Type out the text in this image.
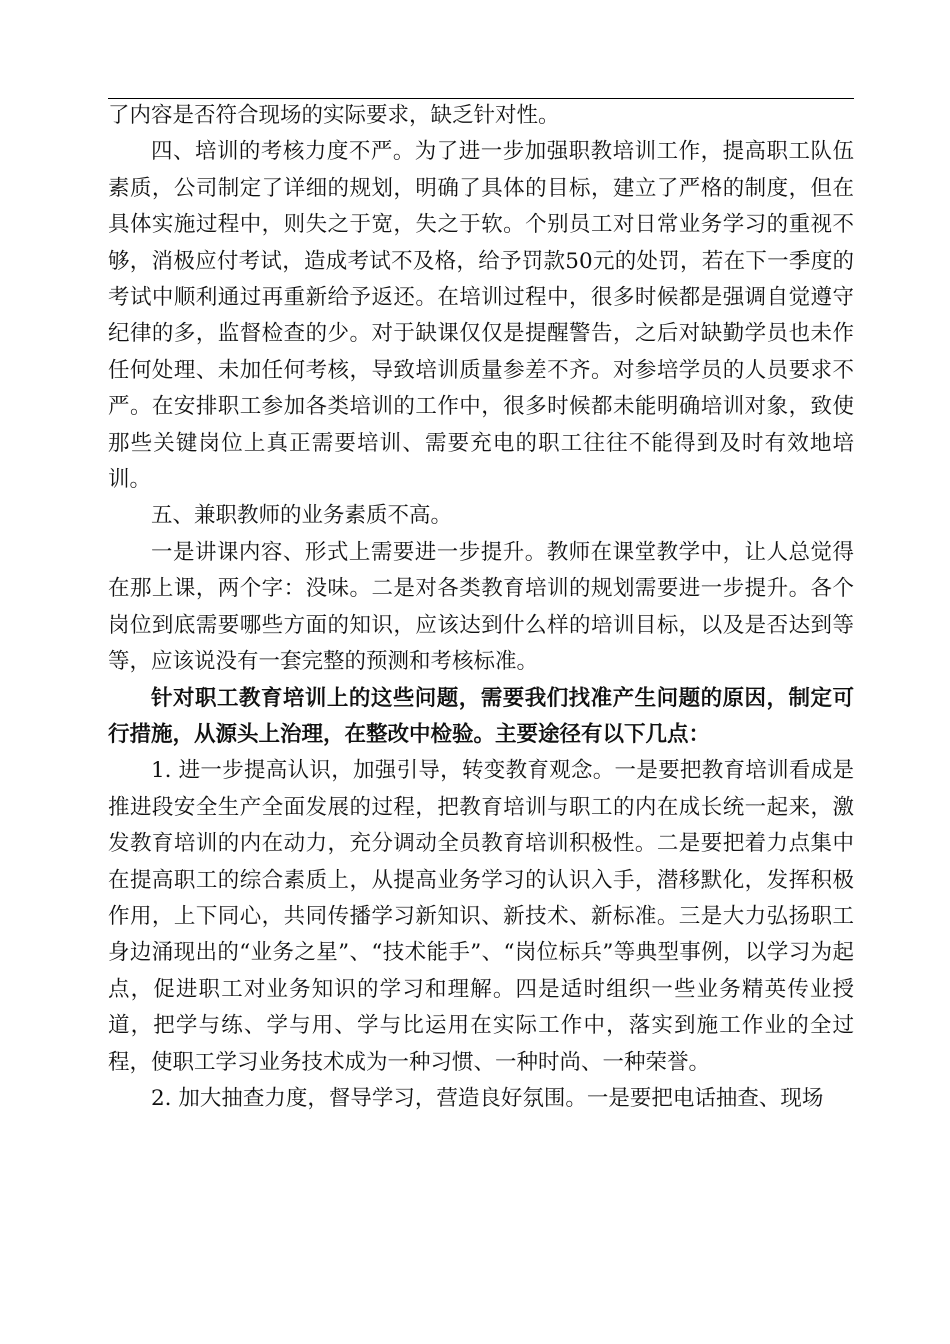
了内容是否符合现场的实际要求，缺乏针对性。

四、培训的考核力度不严。为了进一步加强职教培训工作，提高职工队伍素质，公司制定了详细的规划，明确了具体的目标，建立了严格的制度，但在具体实施过程中，则失之于宽，失之于软。个别员工对日常业务学习的重视不够，消极应付考试，造成考试不及格，给予罚款50元的处罚，若在下一季度的考试中顺利通过再重新给予返还。在培训过程中，很多时候都是强调自觉遵守纪律的多，监督检查的少。对于缺课仅仅是提醒警告，之后对缺勤学员也未作任何处理、未加任何考核，导致培训质量参差不齐。对参培学员的人员要求不严。在安排职工参加各类培训的工作中，很多时候都未能明确培训对象，致使那些关键岗位上真正需要培训、需要充电的职工往往不能得到及时有效地培训。

五、兼职教师的业务素质不高。

一是讲课内容、形式上需要进一步提升。教师在课堂教学中，让人总觉得在那上课，两个字：没味。二是对各类教育培训的规划需要进一步提升。各个岗位到底需要哪些方面的知识，应该达到什么样的培训目标，以及是否达到等等，应该说没有一套完整的预测和考核标准。

针对职工教育培训上的这些问题，需要我们找准产生问题的原因，制定可行措施，从源头上治理，在整改中检验。主要途径有以下几点：

1. 进一步提高认识，加强引导，转变教育观念。一是要把教育培训看成是推进段安全生产全面发展的过程，把教育培训与职工的内在成长统一起来，激发教育培训的内在动力，充分调动全员教育培训积极性。二是要把着力点集中在提高职工的综合素质上，从提高业务学习的认识入手，潜移默化，发挥积极作用，上下同心，共同传播学习新知识、新技术、新标准。三是大力弘扬职工身边涌现出的“业务之星”、“技术能手”、“岗位标兵”等典型事例，以学习为起点，促进职工对业务知识的学习和理解。四是适时组织一些业务精英传业授道，把学与练、学与用、学与比运用在实际工作中，落实到施工作业的全过程，使职工学习业务技术成为一种习惯、一种时尚、一种荣誉。

2. 加大抽查力度，督导学习，营造良好氛围。一是要把电话抽查、现场
